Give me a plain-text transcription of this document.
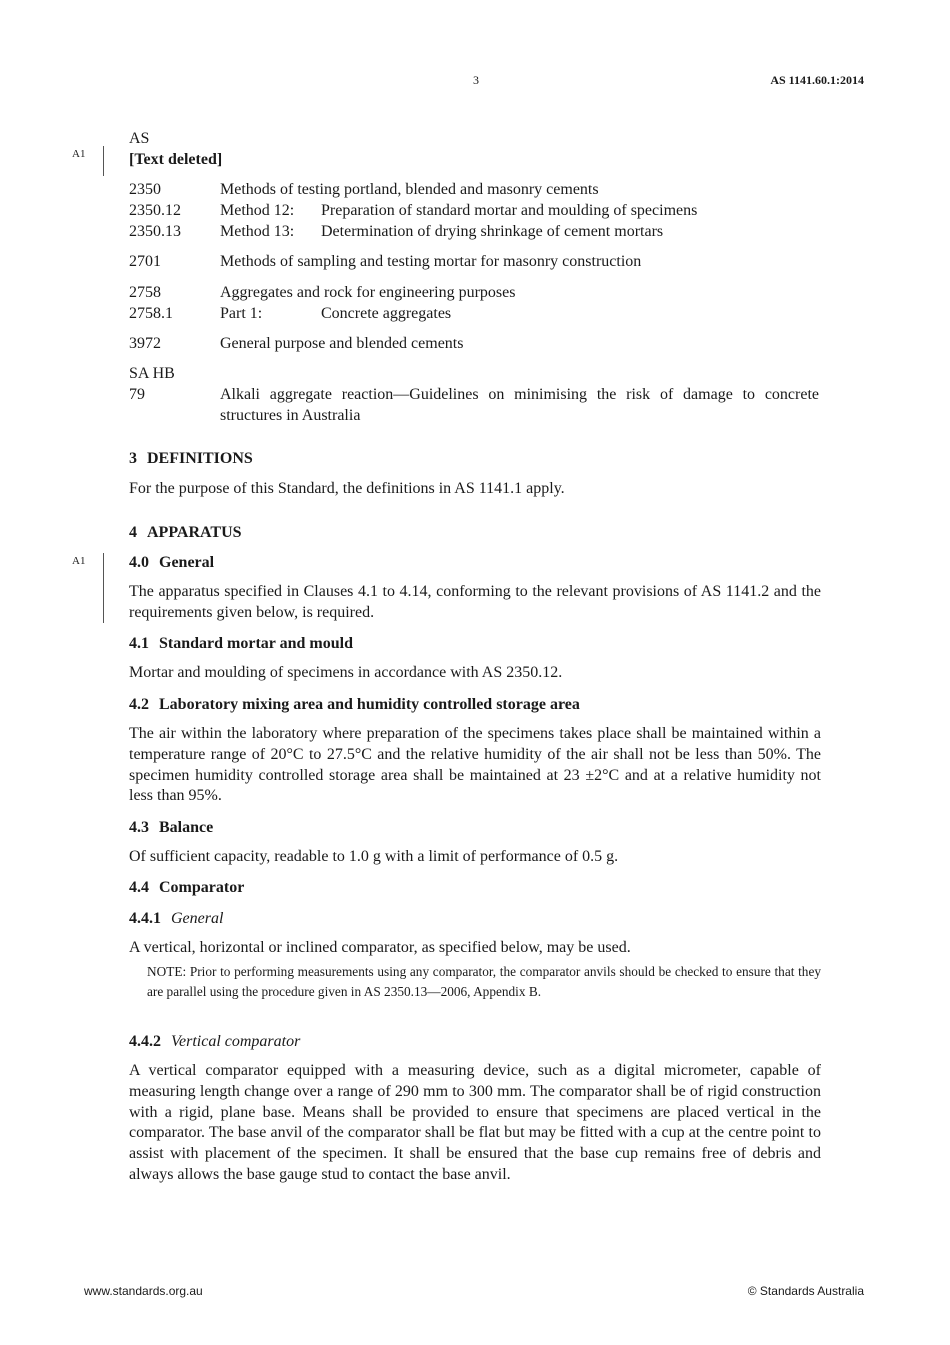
3	AS 1141.60.1:2014
A1
A1
AS
[Text deleted]
2350	Methods of testing portland, blended and masonry cements
2350.12 Method 12: Preparation of standard mortar and moulding of specimens
2350.13 Method 13: Determination of drying shrinkage of cement mortars
2701	Methods of sampling and testing mortar for masonry construction
2758	Aggregates and rock for engineering purposes
2758.1	Part 1:	Concrete aggregates
3972	General purpose and blended cements
SA HB
79	Alkali aggregate reaction—Guidelines on minimising the risk of damage to concrete structures in Australia
3 DEFINITIONS
For the purpose of this Standard, the definitions in AS 1141.1 apply.
4 APPARATUS
4.0 General
The apparatus specified in Clauses 4.1 to 4.14, conforming to the relevant provisions of AS 1141.2 and the requirements given below, is required.
4.1 Standard mortar and mould
Mortar and moulding of specimens in accordance with AS 2350.12.
4.2 Laboratory mixing area and humidity controlled storage area
The air within the laboratory where preparation of the specimens takes place shall be maintained within a temperature range of 20°C to 27.5°C and the relative humidity of the air shall not be less than 50%. The specimen humidity controlled storage area shall be maintained at 23 ±2°C and at a relative humidity not less than 95%.
4.3 Balance
Of sufficient capacity, readable to 1.0 g with a limit of performance of 0.5 g.
4.4 Comparator
4.4.1 General
A vertical, horizontal or inclined comparator, as specified below, may be used.
NOTE: Prior to performing measurements using any comparator, the comparator anvils should be checked to ensure that they are parallel using the procedure given in AS 2350.13—2006, Appendix B.
4.4.2 Vertical comparator
A vertical comparator equipped with a measuring device, such as a digital micrometer, capable of measuring length change over a range of 290 mm to 300 mm. The comparator shall be of rigid construction with a rigid, plane base. Means shall be provided to ensure that specimens are placed vertical in the comparator. The base anvil of the comparator shall be flat but may be fitted with a cup at the centre point to assist with placement of the specimen. It shall be ensured that the base cup remains free of debris and always allows the base gauge stud to contact the base anvil.
www.standards.org.au	© Standards Australia
